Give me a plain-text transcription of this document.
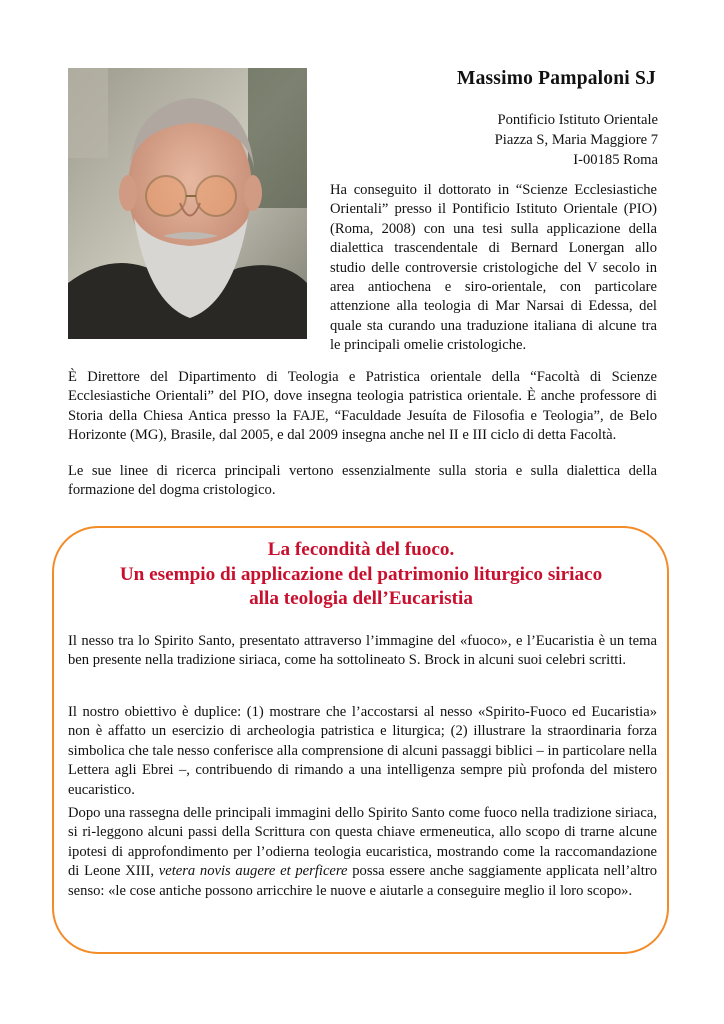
Massimo Pampaloni SJ
Pontificio Istituto Orientale
Piazza S, Maria Maggiore 7
I-00185 Roma

Ha conseguito il dottorato in “Scienze Ecclesiastiche Orientali” presso il Pontificio Istituto Orientale (PIO) (Roma, 2008) con una tesi sulla applicazione della dialettica trascendentale di Bernard Lonergan allo studio delle controversie cristologiche del V secolo in area antiochena e siro-orientale, con particolare attenzione alla teologia di Mar Narsai di Edessa, del quale sta curando una traduzione italiana di alcune tra le principali omelie cristologiche.

È Direttore del Dipartimento di Teologia e Patristica orientale della “Facoltà di Scienze Ecclesiastiche Orientali” del PIO, dove insegna teologia patristica orientale. È anche professore di Storia della Chiesa Antica presso la FAJE, “Faculdade Jesuíta de Filosofia e Teologia”, de Belo Horizonte (MG), Brasile, dal 2005, e dal 2009 insegna anche nel II e III ciclo di detta Facoltà.

Le sue linee di ricerca principali vertono essenzialmente sulla storia e sulla dialettica della formazione del dogma cristologico.

La fecondità del fuoco.
Un esempio di applicazione del patrimonio liturgico siriaco
alla teologia dell’Eucaristia

Il nesso tra lo Spirito Santo, presentato attraverso l’immagine del «fuoco», e l’Eucaristia è un tema ben presente nella tradizione siriaca, come ha sottolineato S. Brock in alcuni suoi celebri scritti.

Il nostro obiettivo è duplice: (1) mostrare che l’accostarsi al nesso «Spirito-Fuoco ed Eucaristia» non è affatto un esercizio di archeologia patristica e liturgica; (2) illustrare la straordinaria forza simbolica che tale nesso conferisce alla comprensione di alcuni passaggi biblici – in particolare nella Lettera agli Ebrei –, contribuendo di rimando a una intelligenza sempre più profonda del mistero eucaristico.

Dopo una rassegna delle principali immagini dello Spirito Santo come fuoco nella tradizione siriaca, si ri-leggono alcuni passi della Scrittura con questa chiave ermeneutica, allo scopo di trarne alcune ipotesi di approfondimento per l’odierna teologia eucaristica, mostrando come la raccomandazione di Leone XIII, vetera novis augere et perficere possa essere anche saggiamente applicata nell’altro senso: «le cose antiche possono arricchire le nuove e aiutarle a conseguire meglio il loro scopo».
